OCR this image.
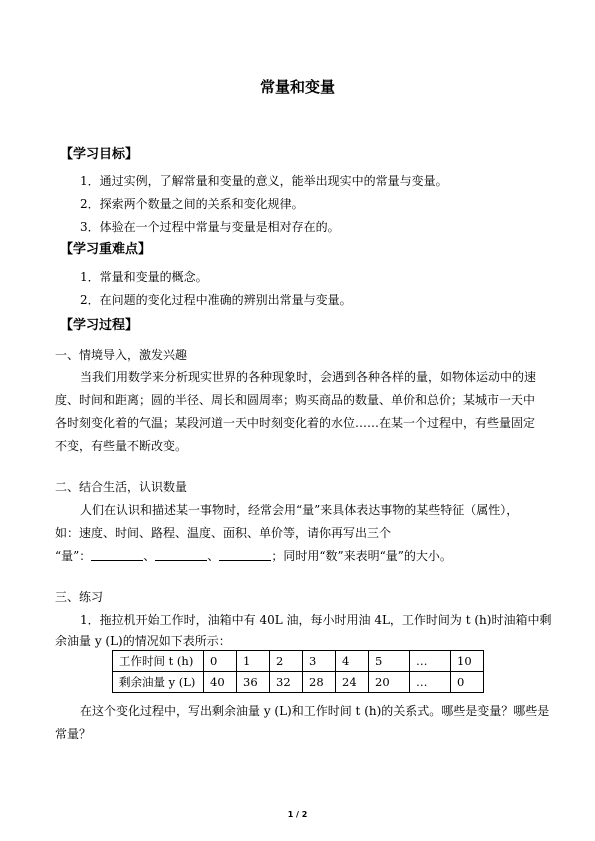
常量和变量
【学习目标】
1．通过实例，了解常量和变量的意义，能举出现实中的常量与变量。
2．探索两个数量之间的关系和变化规律。
3．体验在一个过程中常量与变量是相对存在的。
【学习重难点】
1．常量和变量的概念。
2．在问题的变化过程中准确的辨别出常量与变量。
【学习过程】
一、情境导入，激发兴趣
当我们用数学来分析现实世界的各种现象时，会遇到各种各样的量，如物体运动中的速
度、时间和距离；圆的半径、周长和圆周率；购买商品的数量、单价和总价；某城市一天中
各时刻变化着的气温；某段河道一天中时刻变化着的水位……在某一个过程中，有些量固定
不变，有些量不断改变。
二、结合生活，认识数量
人们在认识和描述某一事物时，经常会用“量”来具体表达事物的某些特征（属性），
如：速度、时间、路程、温度、面积、单价等，请你再写出三个
“量”：	、	、	；同时用“数”来表明“量”的大小。
三、练习
1．拖拉机开始工作时，油箱中有 40L 油，每小时用油 4L，工作时间为 t (h)时油箱中剩
余油量 y (L)的情况如下表所示：
工作时间 t (h)	0	1	2	3	4	5	…	10
剩余油量 y (L)	40	36	32	28	24	20	…	0
在这个变化过程中，写出剩余油量 y (L)和工作时间 t (h)的关系式。哪些是变量？哪些是
常量？
1 / 2
